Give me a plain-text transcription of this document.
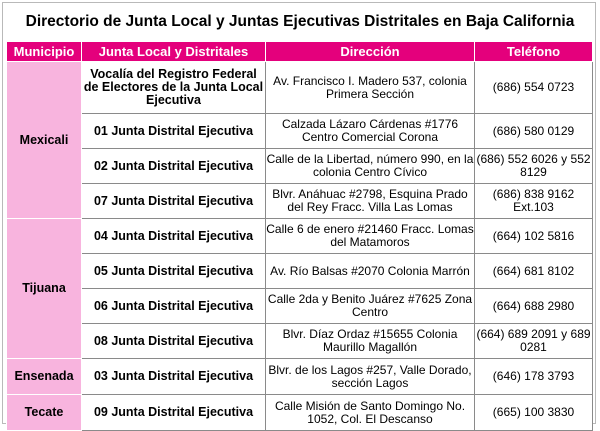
Directorio de Junta Local y Juntas Ejecutivas Distritales en Baja California
Municipio	Junta Local y Distritales	Dirección	Teléfono
Mexicali	Vocalía del Registro Federal de Electores de la Junta Local Ejecutiva	Av. Francisco I. Madero 537, colonia Primera Sección	(686) 554 0723
	01 Junta Distrital Ejecutiva	Calzada Lázaro Cárdenas #1776 Centro Comercial Corona	(686) 580 0129
	02 Junta Distrital Ejecutiva	Calle de la Libertad, número 990, en la colonia Centro Cívico	(686) 552 6026 y 552 8129
	07 Junta Distrital Ejecutiva	Blvr. Anáhuac #2798, Esquina Prado del Rey Fracc. Villa Las Lomas	(686) 838 9162 Ext.103
Tijuana	04 Junta Distrital Ejecutiva	Calle 6 de enero #21460 Fracc. Lomas del Matamoros	(664) 102 5816
	05 Junta Distrital Ejecutiva	Av. Río Balsas #2070 Colonia Marrón	(664) 681 8102
	06 Junta Distrital Ejecutiva	Calle 2da y Benito Juárez #7625 Zona Centro	(664) 688 2980
	08 Junta Distrital Ejecutiva	Blvr. Díaz Ordaz #15655 Colonia Maurillo Magallón	(664) 689 2091 y 689 0281
Ensenada	03 Junta Distrital Ejecutiva	Blvr. de los Lagos #257, Valle Dorado, sección Lagos	(646) 178 3793
Tecate	09 Junta Distrital Ejecutiva	Calle Misión de Santo Domingo No. 1052, Col. El Descanso	(665) 100 3830
